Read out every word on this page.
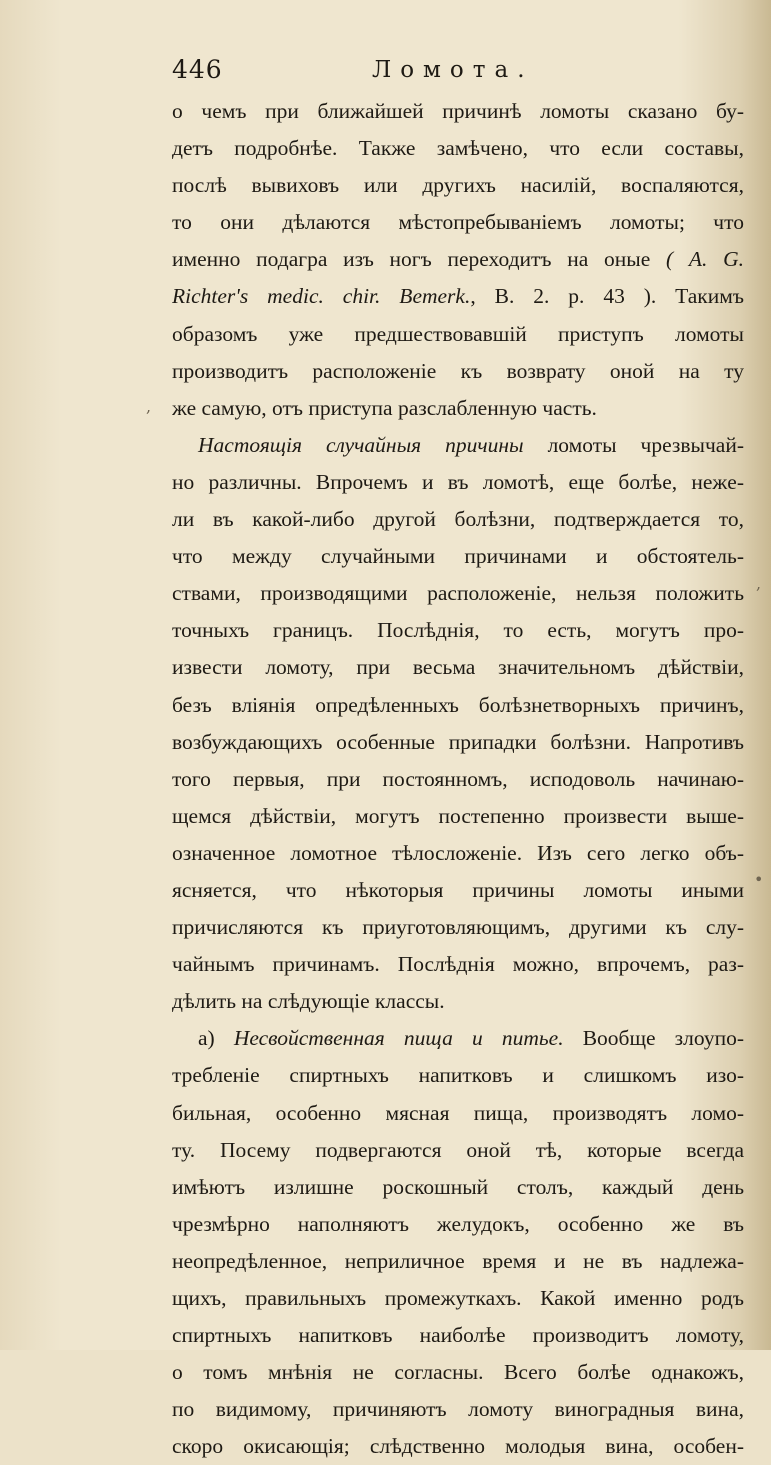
446	Ломота.
о чемъ при ближайшей причинѣ ломоты сказано бу-
детъ подробнѣе. Также замѣчено, что если составы,
послѣ вывиховъ или другихъ насилій, воспаляются,
то они дѣлаются мѣстопребываніемъ ломоты; что
именно подагра изъ ногъ переходитъ на оные ( A. G.
Richter's medic. chir. Bemerk., B. 2. p. 43 ). Такимъ
образомъ уже предшествовавшій приступъ ломоты
производитъ расположеніе къ возврату оной на ту
же самую, отъ приступа разслабленную часть.
Настоящія случайныя причины ломоты чрезвычай-
но различны. Впрочемъ и въ ломотѣ, еще болѣе, нежe-
ли въ какой-либо другой болѣзни, подтверждается то,
что между случайными причинами и обстоятель-
ствами, производящими расположеніе, нельзя положить
точныхъ границъ. Послѣднія, то есть, могутъ про-
извести ломоту, при весьма значительномъ дѣйствіи,
безъ вліянія опредѣленныхъ болѣзнетворныхъ причинъ,
возбуждающихъ особенные припадки болѣзни. Напротивъ
того первыя, при постоянномъ, исподоволь начинаю-
щемся дѣйствіи, могутъ постепенно произвести выше-
означенное ломотное тѣлосложеніе. Изъ сего легко объ-
ясняется, что нѣкоторыя причины ломоты иными
причисляются къ приуготовляющимъ, другими къ слу-
чайнымъ причинамъ. Послѣднія можно, впрочемъ, раз-
дѣлить на слѣдующіе классы.
а) Несвойственная пища и питье. Вообще злоупо-
требленіе спиртныхъ напитковъ и слишкомъ изо-
бильная, особенно мясная пища, производятъ ломо-
ту. Посему подвергаются оной тѣ, которые всегда
имѣютъ излишне роскошный столъ, каждый день
чрезмѣрно наполняютъ желудокъ, особенно же въ
неопредѣленное, неприличное время и не въ надлежа-
щихъ, правильныхъ промежуткахъ. Какой именно родъ
спиртныхъ напитковъ наиболѣе производитъ ломоту,
о томъ мнѣнія не согласны. Всего болѣе однакожъ,
по видимому, причиняютъ ломоту виноградныя вина,
скоро окисающія; слѣдственно молодыя вина, особен-
,
,
•
